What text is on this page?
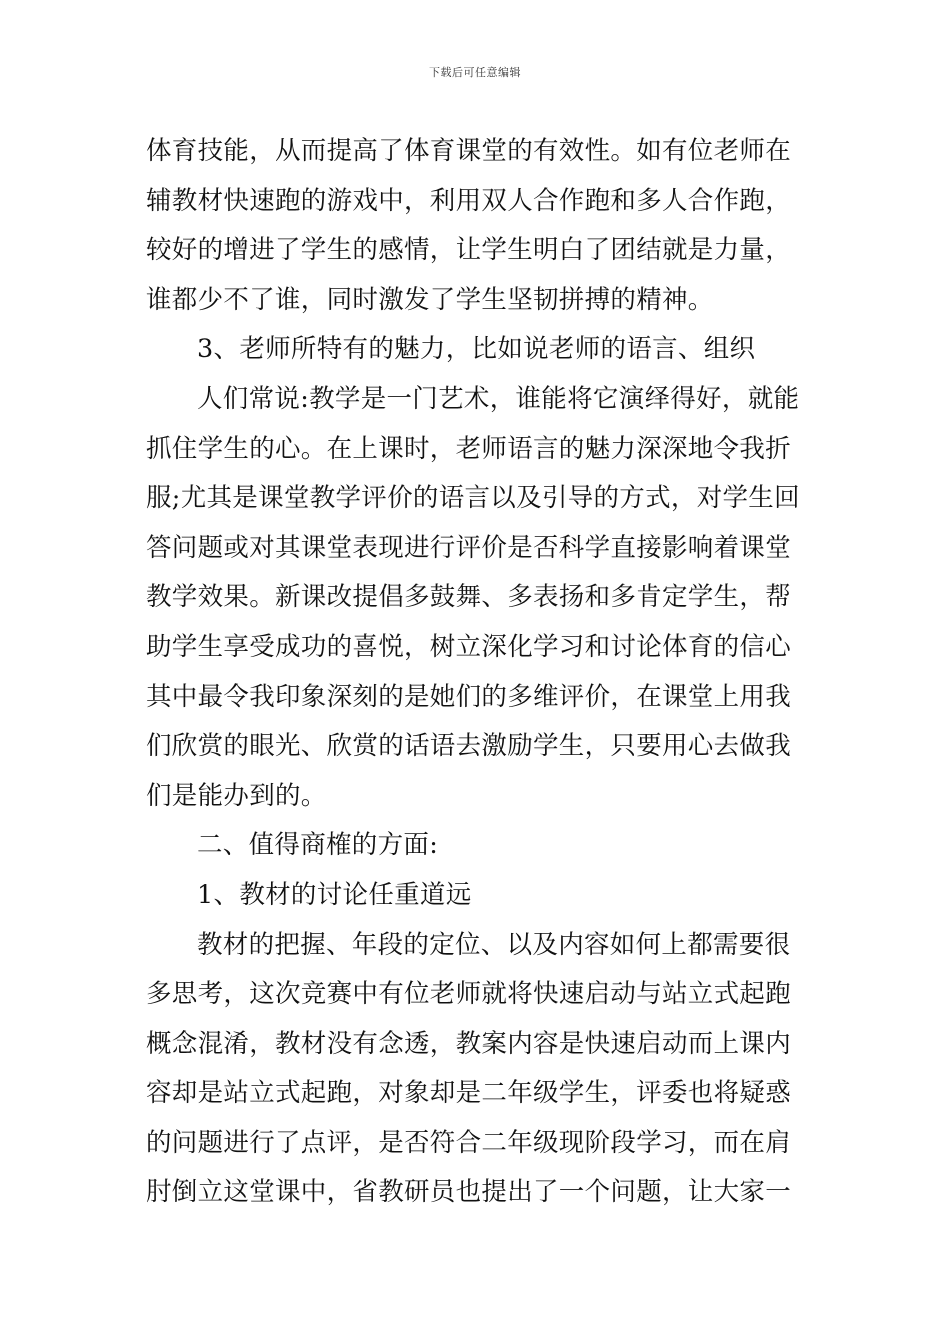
下载后可任意编辑
体育技能，从而提高了体育课堂的有效性。如有位老师在
辅教材快速跑的游戏中，利用双人合作跑和多人合作跑，
较好的增进了学生的感情，让学生明白了团结就是力量，
谁都少不了谁，同时激发了学生坚韧拼搏的精神。
3、老师所特有的魅力，比如说老师的语言、组织
人们常说:教学是一门艺术，谁能将它演绎得好，就能
抓住学生的心。在上课时，老师语言的魅力深深地令我折
服;尤其是课堂教学评价的语言以及引导的方式，对学生回
答问题或对其课堂表现进行评价是否科学直接影响着课堂
教学效果。新课改提倡多鼓舞、多表扬和多肯定学生，帮
助学生享受成功的喜悦，树立深化学习和讨论体育的信心
其中最令我印象深刻的是她们的多维评价，在课堂上用我
们欣赏的眼光、欣赏的话语去激励学生，只要用心去做我
们是能办到的。
二、值得商榷的方面:
1、教材的讨论任重道远
教材的把握、年段的定位、以及内容如何上都需要很
多思考，这次竞赛中有位老师就将快速启动与站立式起跑
概念混淆，教材没有念透，教案内容是快速启动而上课内
容却是站立式起跑，对象却是二年级学生，评委也将疑惑
的问题进行了点评，是否符合二年级现阶段学习，而在肩
肘倒立这堂课中，省教研员也提出了一个问题，让大家一
